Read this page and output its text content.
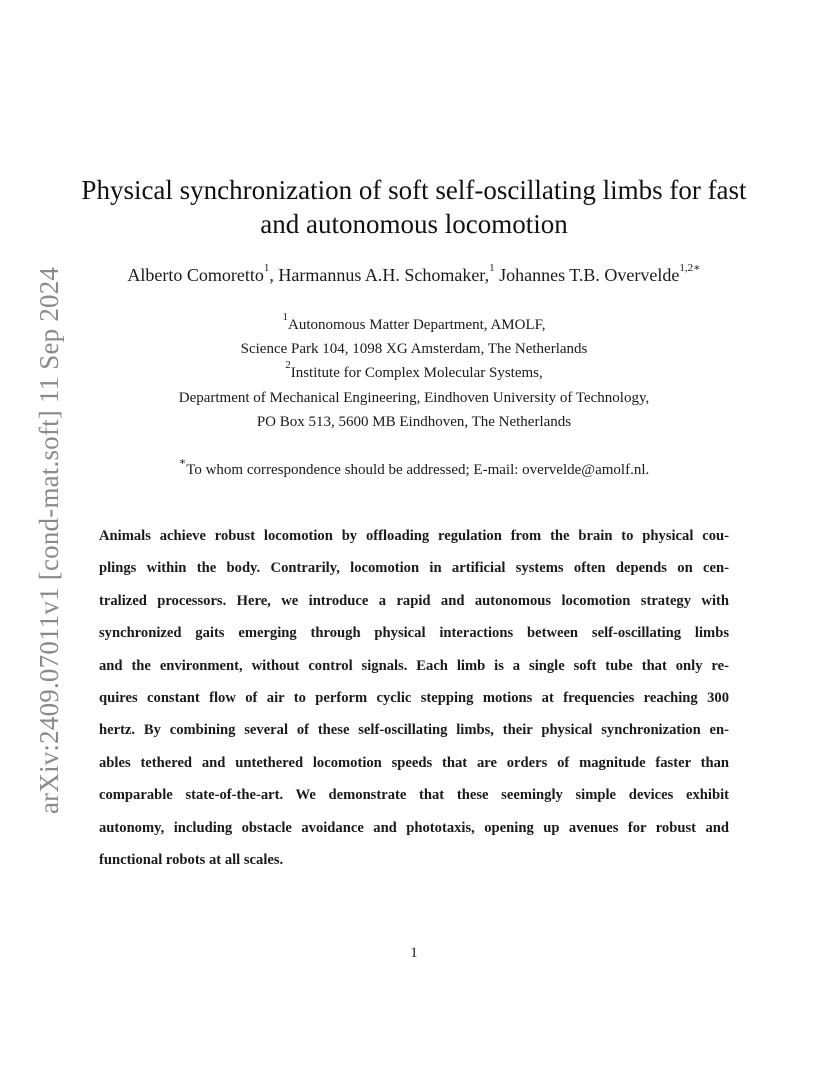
arXiv:2409.07011v1 [cond-mat.soft] 11 Sep 2024
Physical synchronization of soft self-oscillating limbs for fast
and autonomous locomotion
Alberto Comoretto$^1$, Harmannus A.H. Schomaker,$^1$ Johannes T.B. Overvelde$^{1,2∗}$
$^1$Autonomous Matter Department, AMOLF,
Science Park 104, 1098 XG Amsterdam, The Netherlands
$^2$Institute for Complex Molecular Systems,
Department of Mechanical Engineering, Eindhoven University of Technology,
PO Box 513, 5600 MB Eindhoven, The Netherlands
∗To whom correspondence should be addressed; E-mail: overvelde@amolf.nl.
Animals achieve robust locomotion by offloading regulation from the brain to physical cou-
plings within the body. Contrarily, locomotion in artificial systems often depends on cen-
tralized processors. Here, we introduce a rapid and autonomous locomotion strategy with
synchronized gaits emerging through physical interactions between self-oscillating limbs
and the environment, without control signals. Each limb is a single soft tube that only re-
quires constant flow of air to perform cyclic stepping motions at frequencies reaching 300
hertz. By combining several of these self-oscillating limbs, their physical synchronization en-
ables tethered and untethered locomotion speeds that are orders of magnitude faster than
comparable state-of-the-art. We demonstrate that these seemingly simple devices exhibit
autonomy, including obstacle avoidance and phototaxis, opening up avenues for robust and
functional robots at all scales.
1
